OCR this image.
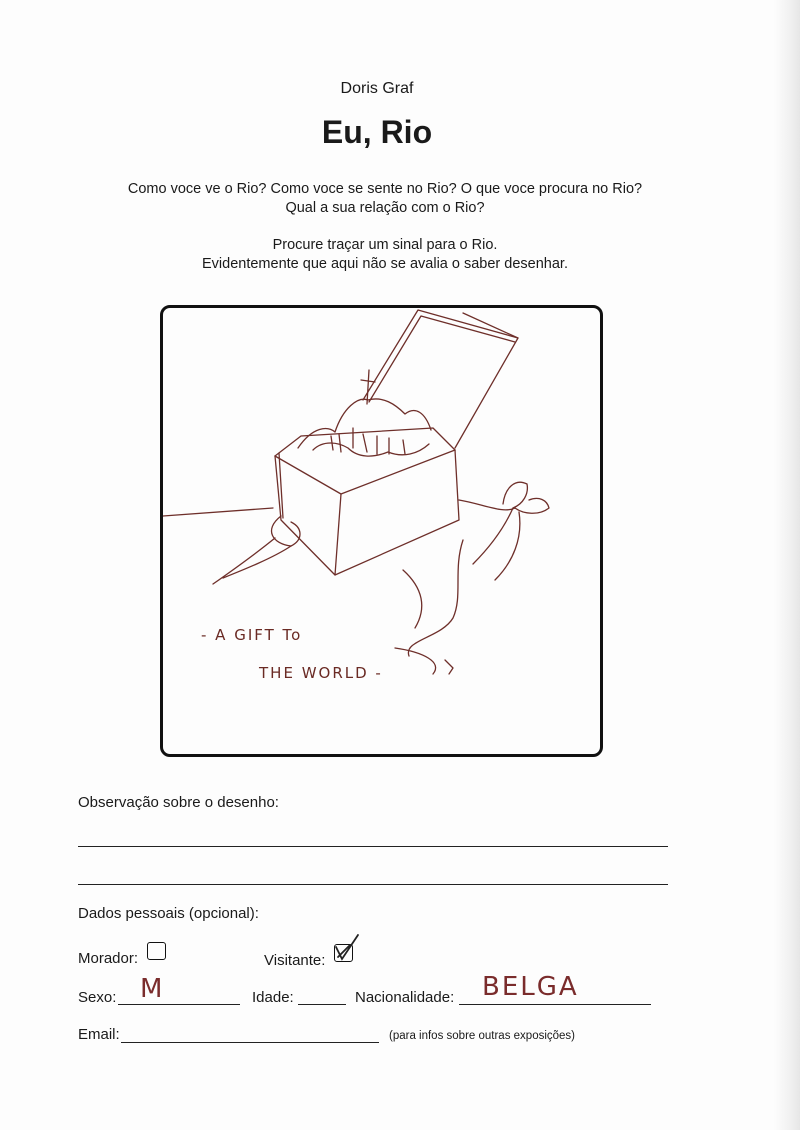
Doris Graf
Eu, Rio
Como voce ve o Rio? Como voce se sente no Rio? O que voce procura no Rio?
Qual a sua relação com o Rio?
Procure traçar um sinal para o Rio.
Evidentemente que aqui não se avalia o saber desenhar.
- A GIFT To
THE WORLD -
Observação sobre o desenho:
Dados pessoais (opcional):
Morador:	Visitante:
Sexo: M	Idade:	Nacionalidade: BELGA
Email:	(para infos sobre outras exposições)
